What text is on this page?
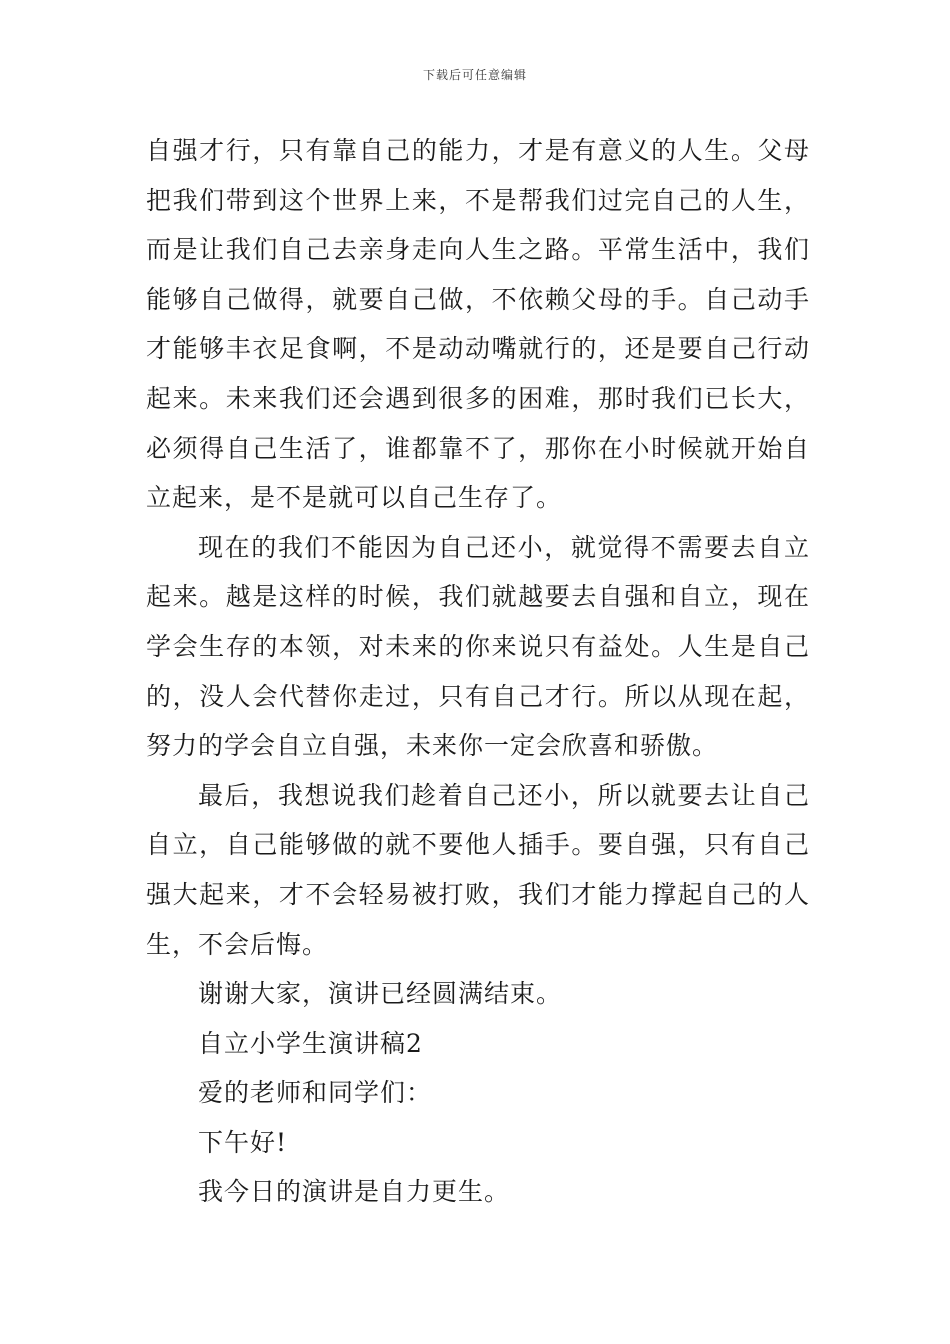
下载后可任意编辑

自强才行，只有靠自己的能力，才是有意义的人生。父母把我们带到这个世界上来，不是帮我们过完自己的人生，而是让我们自己去亲身走向人生之路。平常生活中，我们能够自己做得，就要自己做，不依赖父母的手。自己动手才能够丰衣足食啊，不是动动嘴就行的，还是要自己行动起来。未来我们还会遇到很多的困难，那时我们已长大，必须得自己生活了，谁都靠不了，那你在小时候就开始自立起来，是不是就可以自己生存了。

现在的我们不能因为自己还小，就觉得不需要去自立起来。越是这样的时候，我们就越要去自强和自立，现在学会生存的本领，对未来的你来说只有益处。人生是自己的，没人会代替你走过，只有自己才行。所以从现在起，努力的学会自立自强，未来你一定会欣喜和骄傲。

最后，我想说我们趁着自己还小，所以就要去让自己自立，自己能够做的就不要他人插手。要自强，只有自己强大起来，才不会轻易被打败，我们才能力撑起自己的人生，不会后悔。

谢谢大家，演讲已经圆满结束。

自立小学生演讲稿2

爱的老师和同学们：

下午好!

我今日的演讲是自力更生。
